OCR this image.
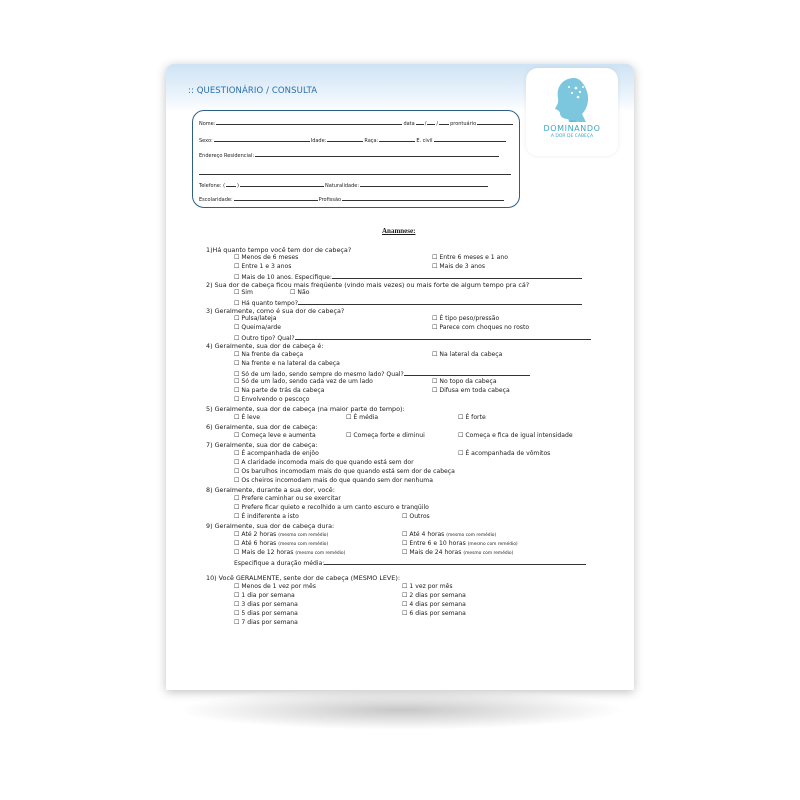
:: QUESTIONÁRIO / CONSULTA
www
DOMINANDO
A DOR DE CABEÇA
Nome:	data / / prontuário
Sexo:	Idade:	Raça:	E. civil
Endereço Residencial:
Telefone: ( )	Naturalidade:
Escolaridade:	Profissão
Anamnese:
1)Há quanto tempo você tem dor de cabeça?
☐ Menos de 6 meses	☐ Entre 6 meses e 1 ano
☐ Entre 1 e 3 anos	☐ Mais de 3 anos
☐ Mais de 10 anos. Especifique:
2) Sua dor de cabeça ficou mais freqüente (vindo mais vezes) ou mais forte de algum tempo pra cá?
☐ Sim	☐ Não
☐ Há quanto tempo?
3) Geralmente, como é sua dor de cabeça?
☐ Pulsa/lateja	☐ É tipo peso/pressão
☐ Queima/arde	☐ Parece com choques no rosto
☐ Outro tipo? Qual?
4) Geralmente, sua dor de cabeça é:
☐ Na frente da cabeça	☐ Na lateral da cabeça
☐ Na frente e na lateral da cabeça
☐ Só de um lado, sendo sempre do mesmo lado? Qual?
☐ Só de um lado, sendo cada vez de um lado	☐ No topo da cabeça
☐ Na parte de trás da cabeça	☐ Difusa em toda cabeça
☐ Envolvendo o pescoço
5) Geralmente, sua dor de cabeça (na maior parte do tempo):
☐ É leve	☐ É média	☐ É forte
6) Geralmente, sua dor de cabeça:
☐ Começa leve e aumenta	☐ Começa forte e diminui	☐ Começa e fica de igual intensidade
7) Geralmente, sua dor de cabeça:
☐ É acompanhada de enjôo	☐ É acompanhada de vômitos
☐ A claridade incomoda mais do que quando está sem dor
☐ Os barulhos incomodam mais do que quando está sem dor de cabeça
☐ Os cheiros incomodam mais do que quando sem dor nenhuma
8) Geralmente, durante a sua dor, você:
☐ Prefere caminhar ou se exercitar
☐ Prefere ficar quieto e recolhido a um canto escuro e tranqüilo
☐ É indiferente a isto	☐ Outros
9) Geralmente, sua dor de cabeça dura:
☐ Até 2 horas (mesmo com remédio)	☐ Até 4 horas (mesmo com remédio)
☐ Até 6 horas (mesmo com remédio)	☐ Entre 6 e 10 horas (mesmo com remédio)
☐ Mais de 12 horas (mesmo com remédio)	☐ Mais de 24 horas (mesmo com remédio)
Especifique a duração média:
10) Você GERALMENTE, sente dor de cabeça (MESMO LEVE):
☐ Menos de 1 vez por mês	☐ 1 vez por mês
☐ 1 dia por semana	☐ 2 dias por semana
☐ 3 dias por semana	☐ 4 dias por semana
☐ 5 dias por semana	☐ 6 dias por semana
☐ 7 dias por semana
